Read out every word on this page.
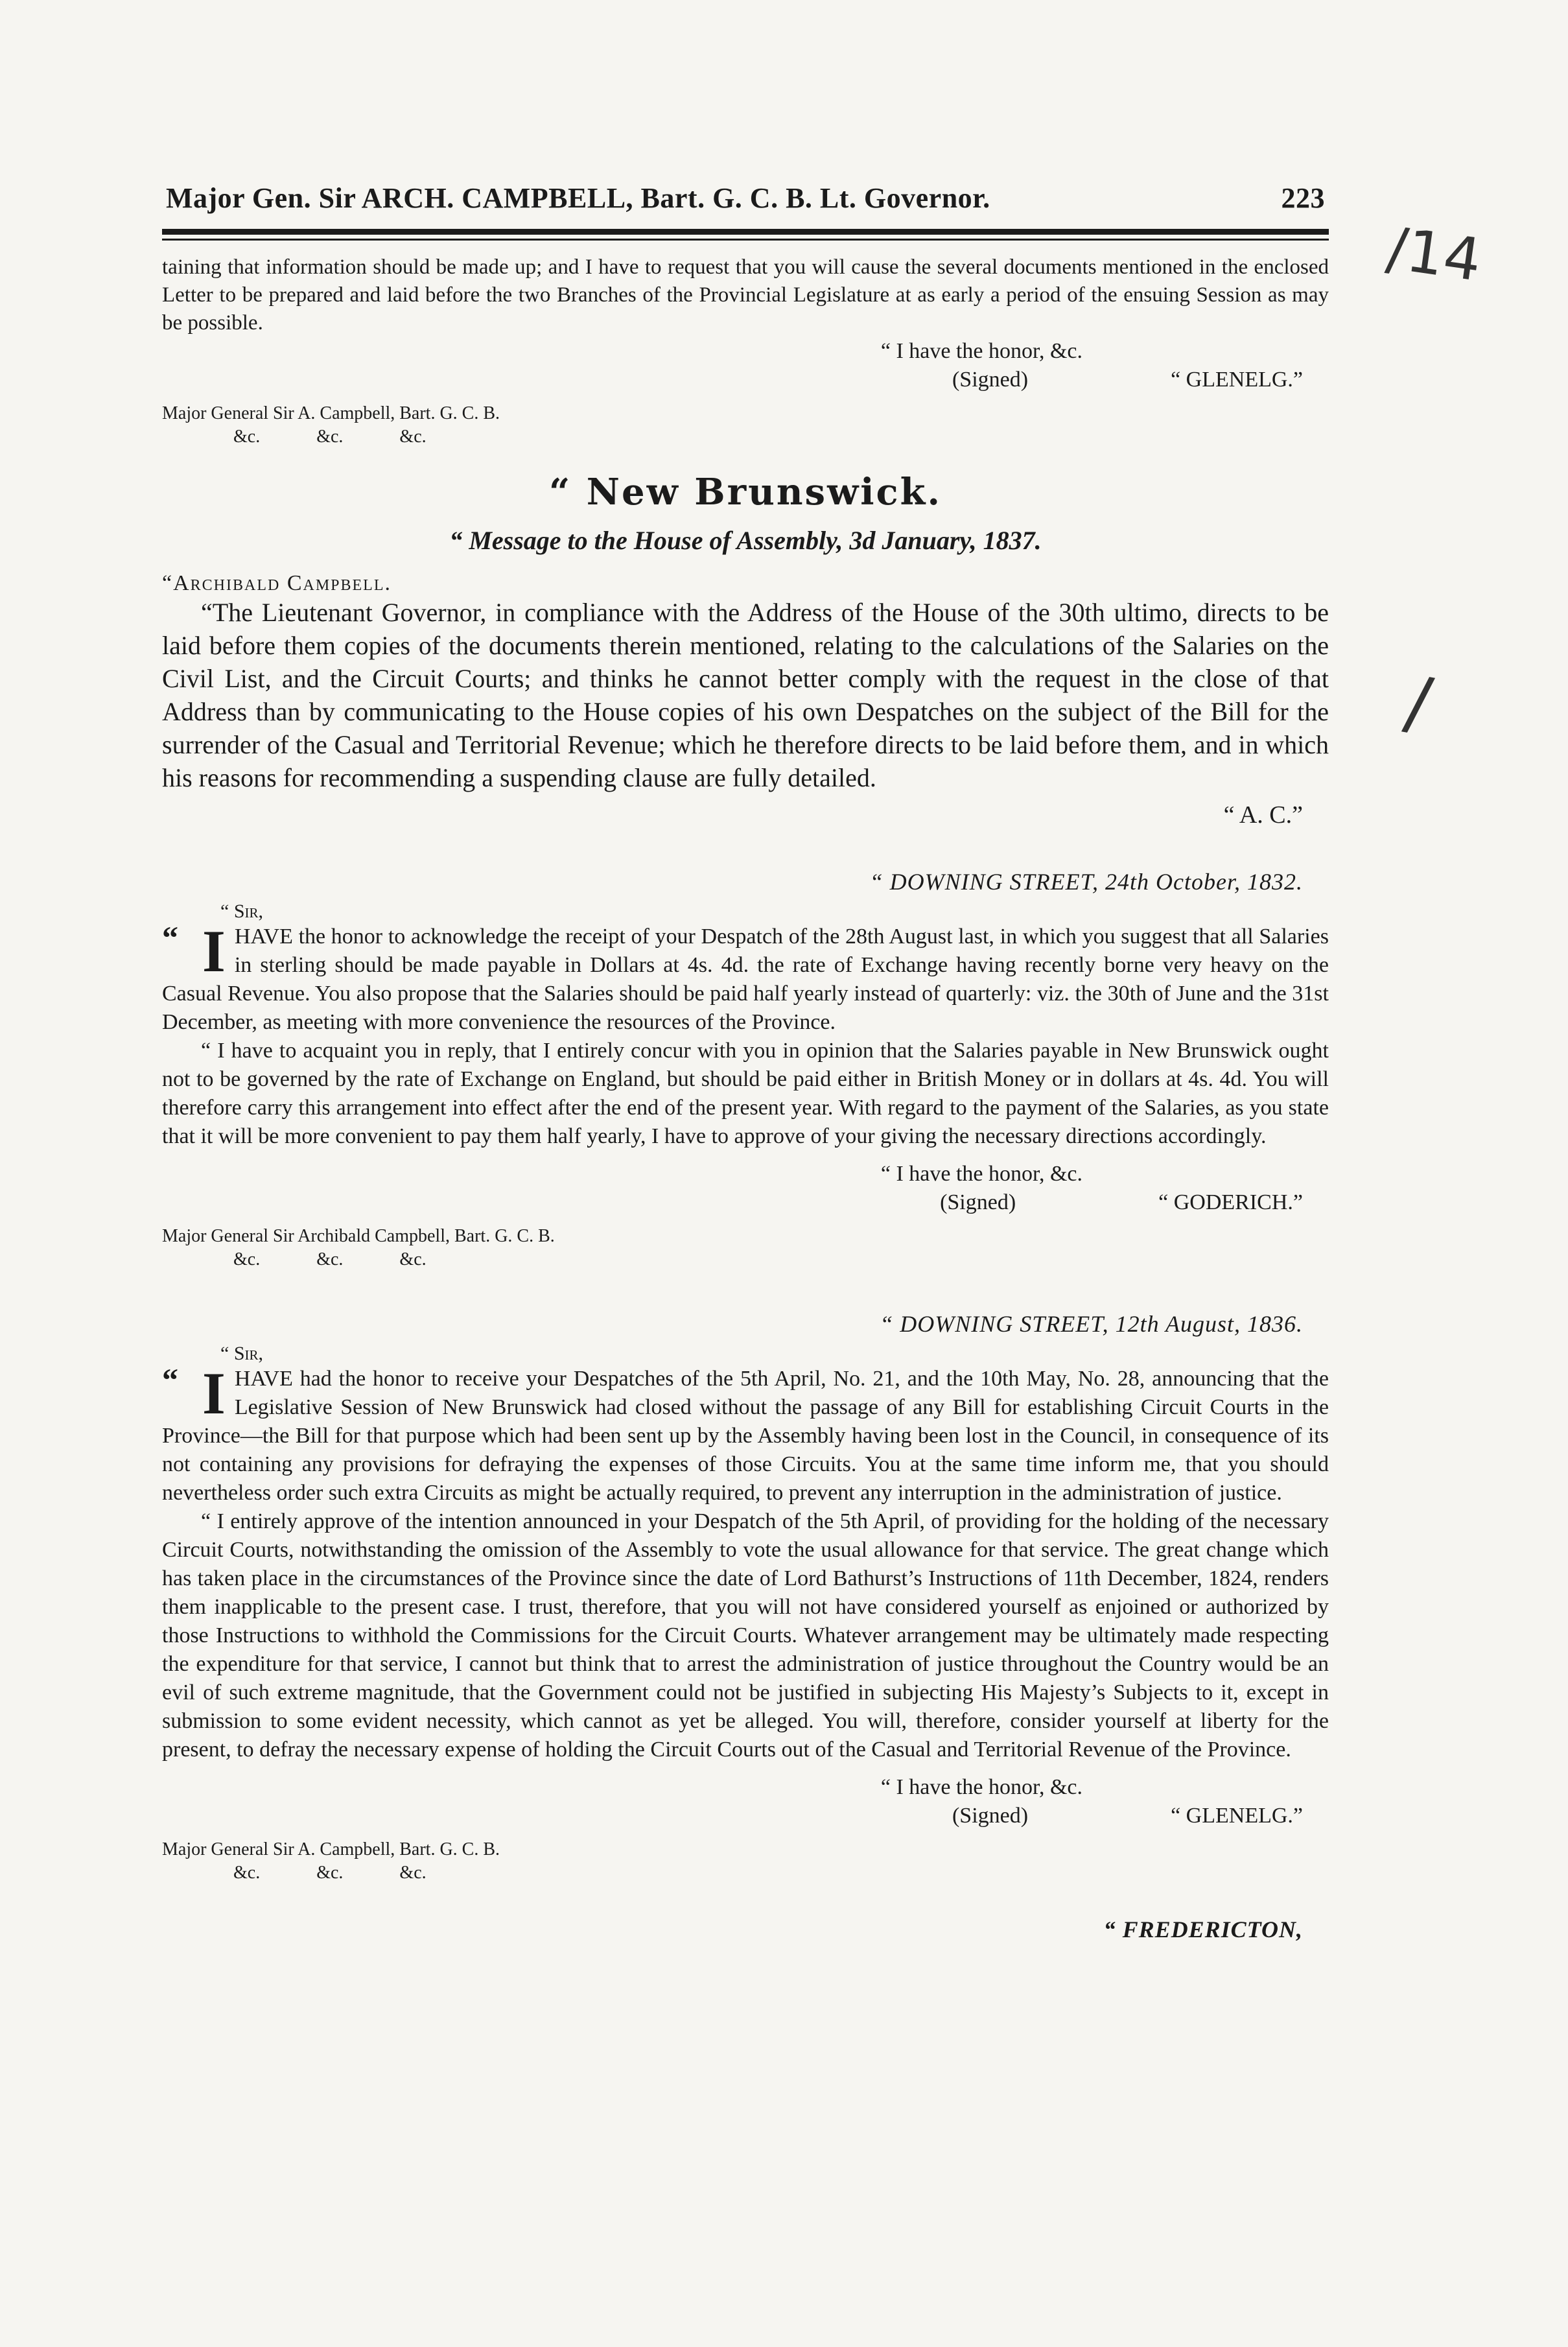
/14
/
Major Gen. Sir ARCH. CAMPBELL, Bart. G. C. B. Lt. Governor.	223

taining that information should be made up; and I have to request that you will cause the several documents mentioned in the enclosed Letter to be prepared and laid before the two Branches of the Provincial Legislature at as early a period of the ensuing Session as may be possible.

“ I have the honor, &c.
(Signed)	“ GLENELG.”
Major General Sir A. Campbell, Bart. G. C. B.
&c. &c. &c.
“ New Brunswick.
“ Message to the House of Assembly, 3d January, 1837.
“Archibald Campbell.

“The Lieutenant Governor, in compliance with the Address of the House of the 30th ultimo, directs to be laid before them copies of the documents therein mentioned, relating to the calculations of the Salaries on the Civil List, and the Circuit Courts; and thinks he cannot better comply with the request in the close of that Address than by communicating to the House copies of his own Despatches on the subject of the Bill for the surrender of the Casual and Territorial Revenue; which he therefore directs to be laid before them, and in which his reasons for recommending a suspending clause are fully detailed.

“ A. C.”
“ DOWNING STREET, 24th October, 1832.
“ Sir,
“ I HAVE the honor to acknowledge the receipt of your Despatch of the 28th August last, in which you suggest that all Salaries in sterling should be made payable in Dollars at 4s. 4d. the rate of Exchange having recently borne very heavy on the Casual Revenue. You also propose that the Salaries should be paid half yearly instead of quarterly: viz. the 30th of June and the 31st December, as meeting with more convenience the resources of the Province.

“ I have to acquaint you in reply, that I entirely concur with you in opinion that the Salaries payable in New Brunswick ought not to be governed by the rate of Exchange on England, but should be paid either in British Money or in dollars at 4s. 4d. You will therefore carry this arrangement into effect after the end of the present year. With regard to the payment of the Salaries, as you state that it will be more convenient to pay them half yearly, I have to approve of your giving the necessary directions accordingly.

“ I have the honor, &c.
(Signed)	“ GODERICH.”
Major General Sir Archibald Campbell, Bart. G. C. B.
&c. &c. &c.
“ DOWNING STREET, 12th August, 1836.
“ Sir,
“ I HAVE had the honor to receive your Despatches of the 5th April, No. 21, and the 10th May, No. 28, announcing that the Legislative Session of New Brunswick had closed without the passage of any Bill for establishing Circuit Courts in the Province—the Bill for that purpose which had been sent up by the Assembly having been lost in the Council, in consequence of its not containing any provisions for defraying the expenses of those Circuits. You at the same time inform me, that you should nevertheless order such extra Circuits as might be actually required, to prevent any interruption in the administration of justice.

“ I entirely approve of the intention announced in your Despatch of the 5th April, of providing for the holding of the necessary Circuit Courts, notwithstanding the omission of the Assembly to vote the usual allowance for that service. The great change which has taken place in the circumstances of the Province since the date of Lord Bathurst’s Instructions of 11th December, 1824, renders them inapplicable to the present case. I trust, therefore, that you will not have considered yourself as enjoined or authorized by those Instructions to withhold the Commissions for the Circuit Courts. Whatever arrangement may be ultimately made respecting the expenditure for that service, I cannot but think that to arrest the administration of justice throughout the Country would be an evil of such extreme magnitude, that the Government could not be justified in subjecting His Majesty’s Subjects to it, except in submission to some evident necessity, which cannot as yet be alleged. You will, therefore, consider yourself at liberty for the present, to defray the necessary expense of holding the Circuit Courts out of the Casual and Territorial Revenue of the Province.

“ I have the honor, &c.
(Signed)	“ GLENELG.”
Major General Sir A. Campbell, Bart. G. C. B.
&c. &c. &c.
“ FREDERICTON,
